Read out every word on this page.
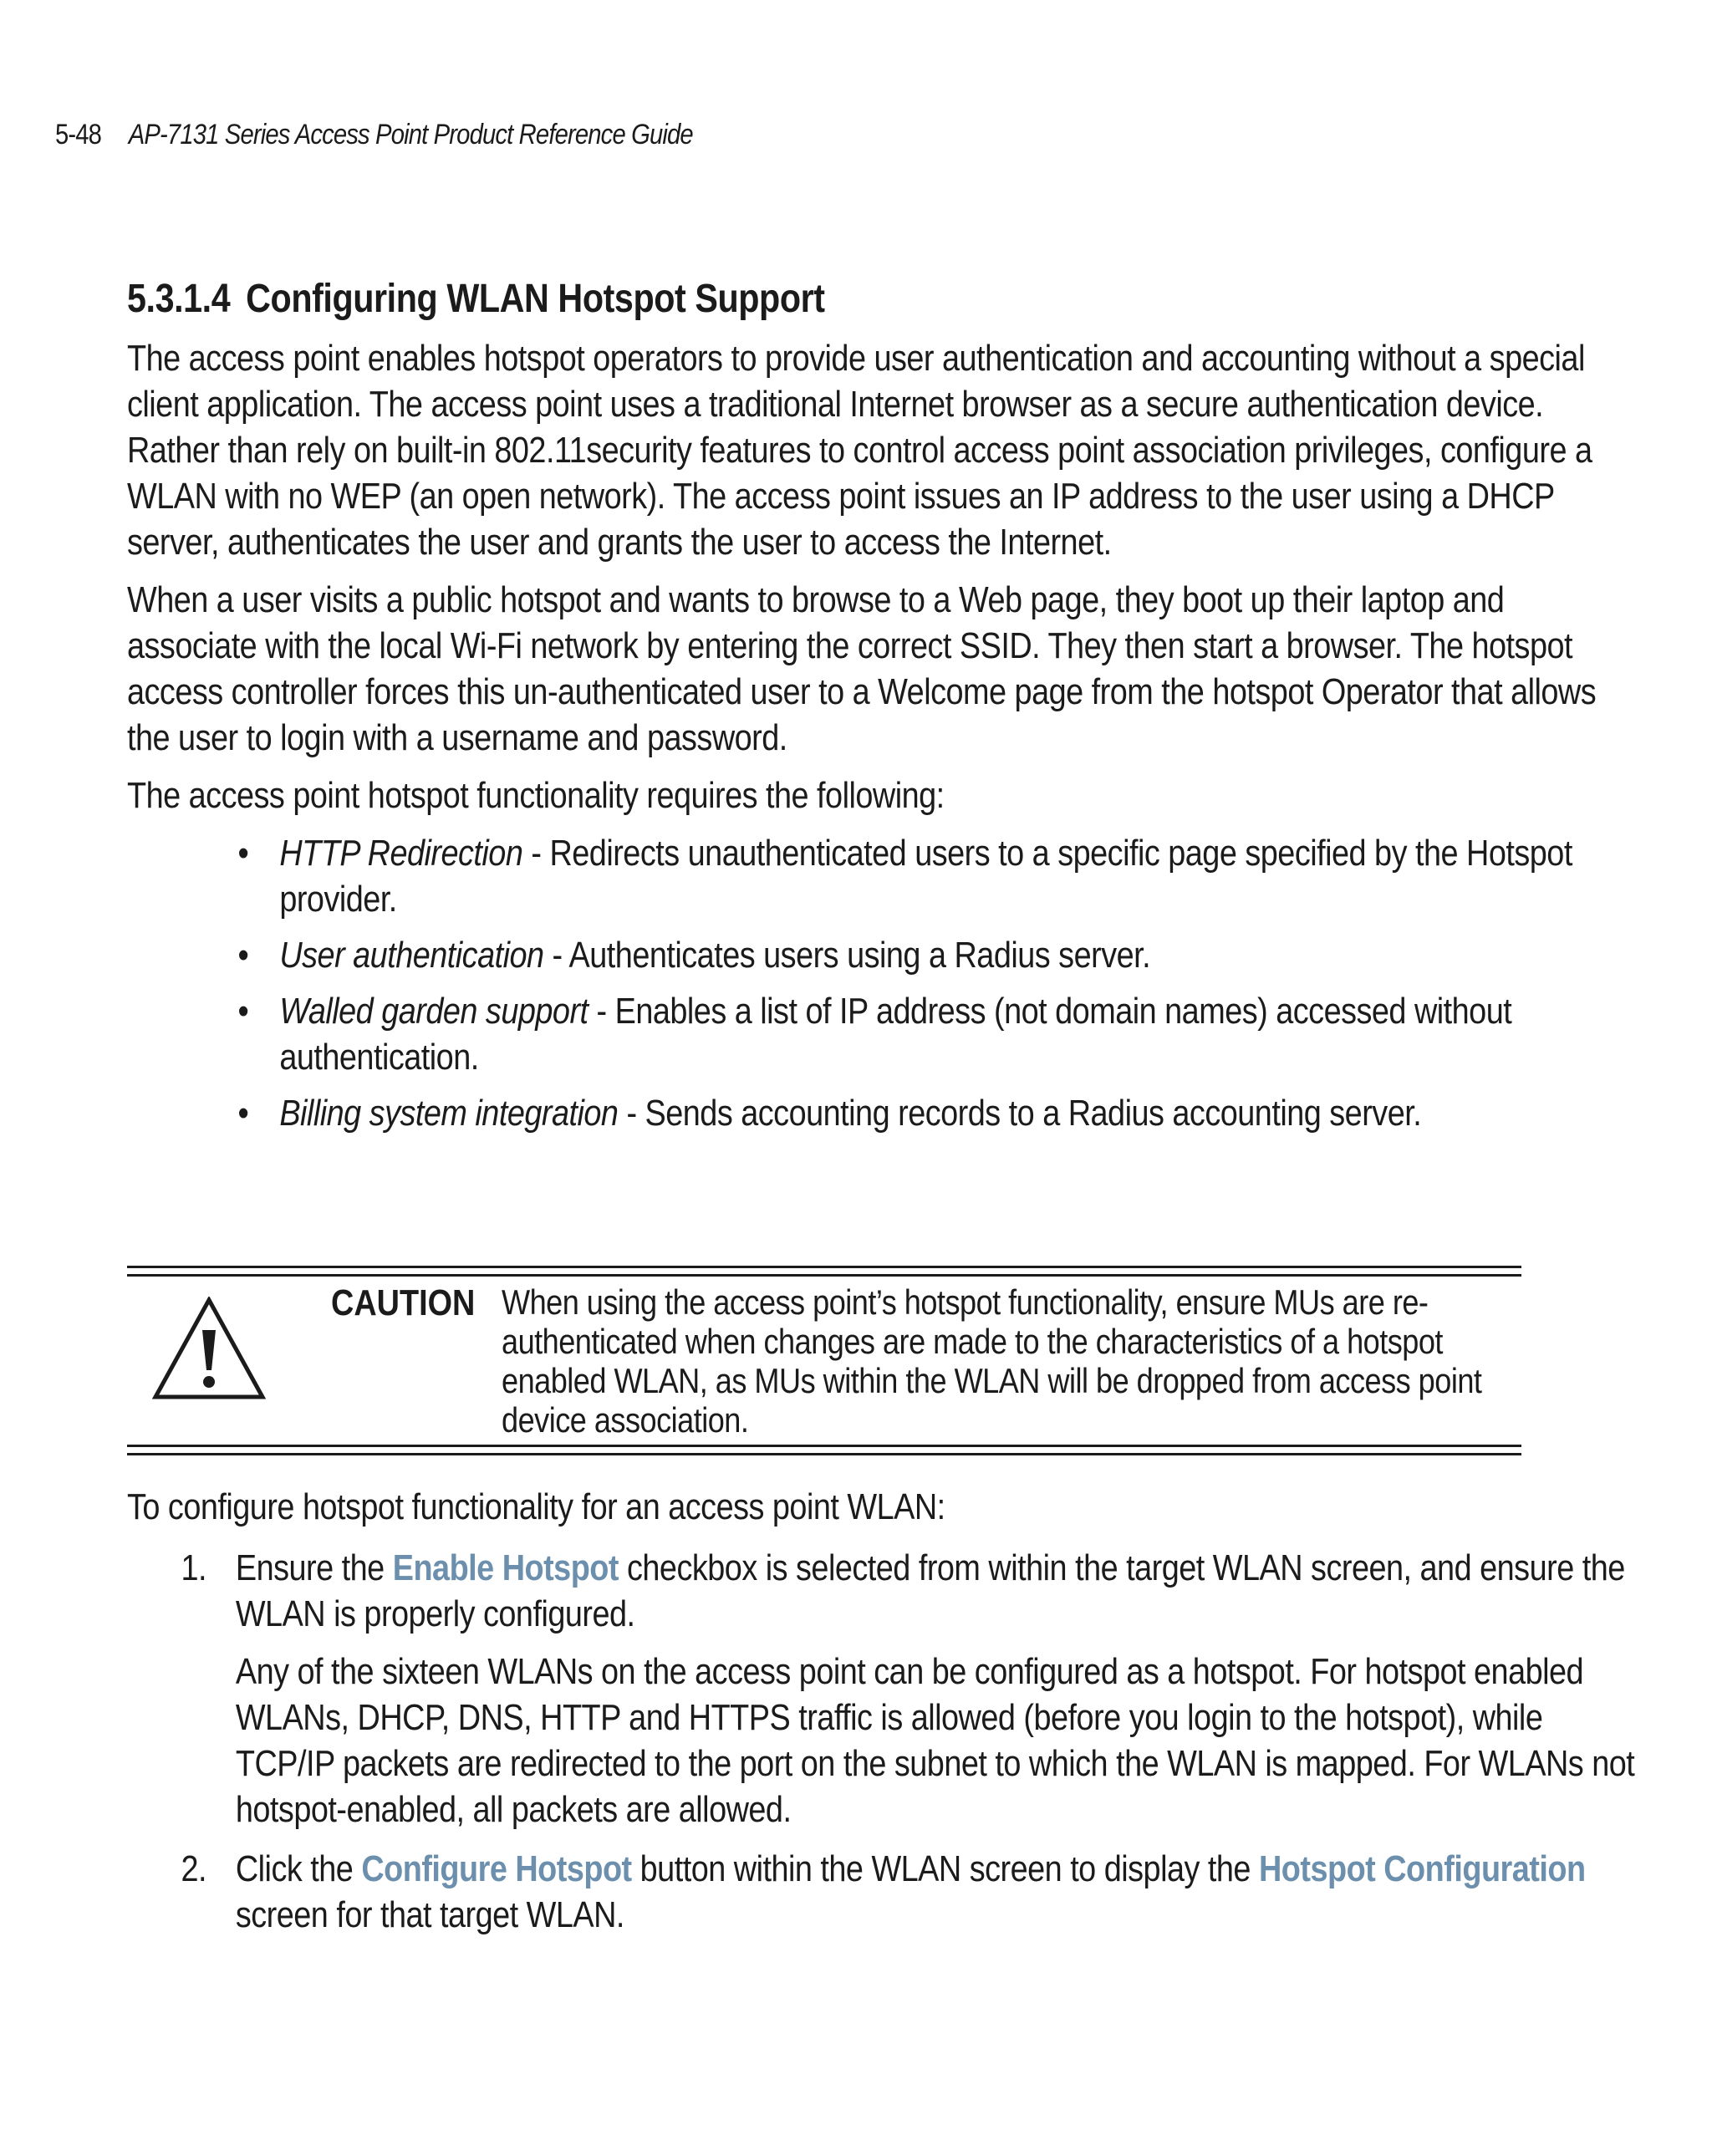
5-48 AP-7131 Series Access Point Product Reference Guide
5.3.1.4 Configuring WLAN Hotspot Support

The access point enables hotspot operators to provide user authentication and accounting without a special client application. The access point uses a traditional Internet browser as a secure authentication device. Rather than rely on built-in 802.11security features to control access point association privileges, configure a WLAN with no WEP (an open network). The access point issues an IP address to the user using a DHCP server, authenticates the user and grants the user to access the Internet.

When a user visits a public hotspot and wants to browse to a Web page, they boot up their laptop and associate with the local Wi-Fi network by entering the correct SSID. They then start a browser. The hotspot access controller forces this un-authenticated user to a Welcome page from the hotspot Operator that allows the user to login with a username and password.

The access point hotspot functionality requires the following:

• HTTP Redirection - Redirects unauthenticated users to a specific page specified by the Hotspot provider.
• User authentication - Authenticates users using a Radius server.
• Walled garden support - Enables a list of IP address (not domain names) accessed without authentication.
• Billing system integration - Sends accounting records to a Radius accounting server.
CAUTION When using the access point’s hotspot functionality, ensure MUs are re-authenticated when changes are made to the characteristics of a hotspot enabled WLAN, as MUs within the WLAN will be dropped from access point device association.

To configure hotspot functionality for an access point WLAN:

1. Ensure the Enable Hotspot checkbox is selected from within the target WLAN screen, and ensure the WLAN is properly configured.

Any of the sixteen WLANs on the access point can be configured as a hotspot. For hotspot enabled WLANs, DHCP, DNS, HTTP and HTTPS traffic is allowed (before you login to the hotspot), while TCP/IP packets are redirected to the port on the subnet to which the WLAN is mapped. For WLANs not hotspot-enabled, all packets are allowed.

2. Click the Configure Hotspot button within the WLAN screen to display the Hotspot Configuration screen for that target WLAN.
